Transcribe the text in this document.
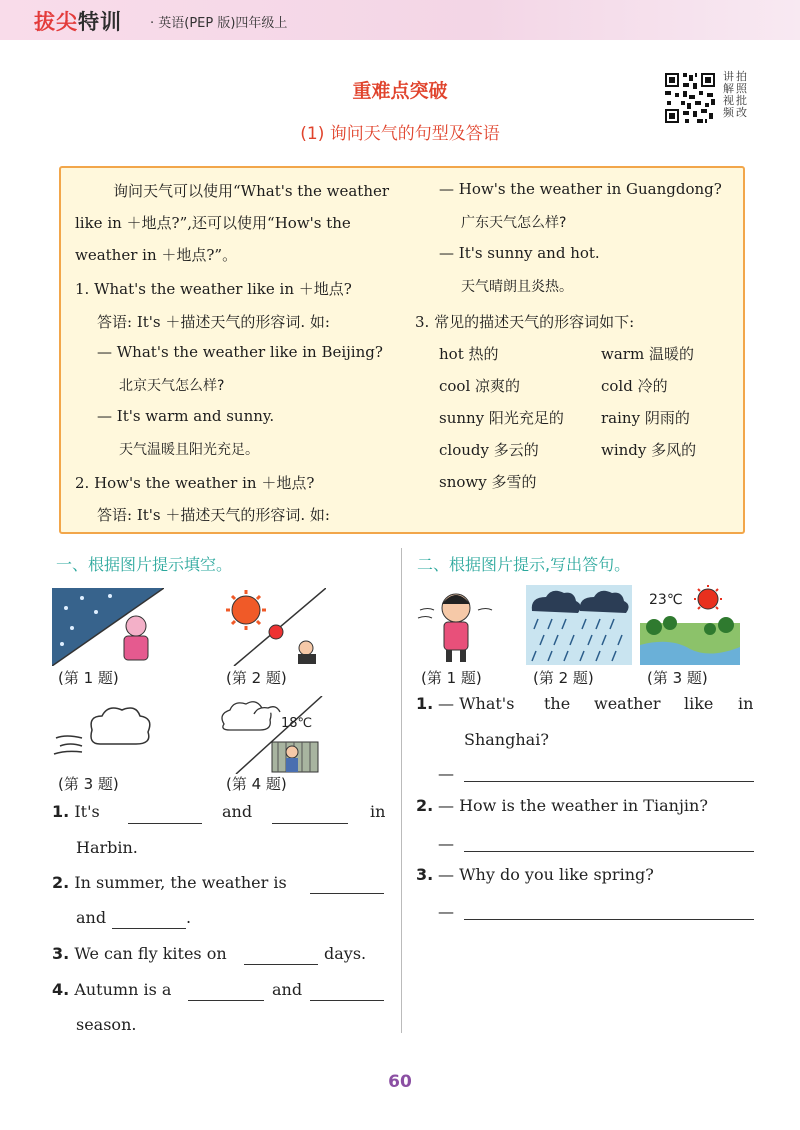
拔尖特训 · 英语(PEP 版)四年级上
重难点突破
(1) 询问天气的句型及答语
讲 拍解 照视 批频 改
询问天气可以使用“What's the weather
like in ＋地点?”,还可以使用“How's the
weather in ＋地点?”。
1. What's the weather like in ＋地点?
答语: It's ＋描述天气的形容词. 如:
— What's the weather like in Beijing?
北京天气怎么样?
— It's warm and sunny.
天气温暖且阳光充足。
2. How's the weather in ＋地点?
答语: It's ＋描述天气的形容词. 如:
— How's the weather in Guangdong?
广东天气怎么样?
— It's sunny and hot.
天气晴朗且炎热。
3. 常见的描述天气的形容词如下:
hot 热的	warm 温暖的
cool 凉爽的	cold 冷的
sunny 阳光充足的 rainy 阴雨的
cloudy 多云的	windy 多风的
snowy 多雪的
一、根据图片提示填空。
(第 1 题)	(第 2 题)
(第 3 题)
18℃
(第 4 题)
1. It's	and	in
Harbin.
2. In summer, the weather is
and	.
3. We can fly kites on	days.
4. Autumn is a	and
season.
二、根据图片提示,写出答句。
(第 1 题)	(第 2 题)
23℃
(第 3 题)
1. — What's the weather like in
Shanghai?
—
2. — How is the weather in Tianjin?
—
3. — Why do you like spring?
—
60
